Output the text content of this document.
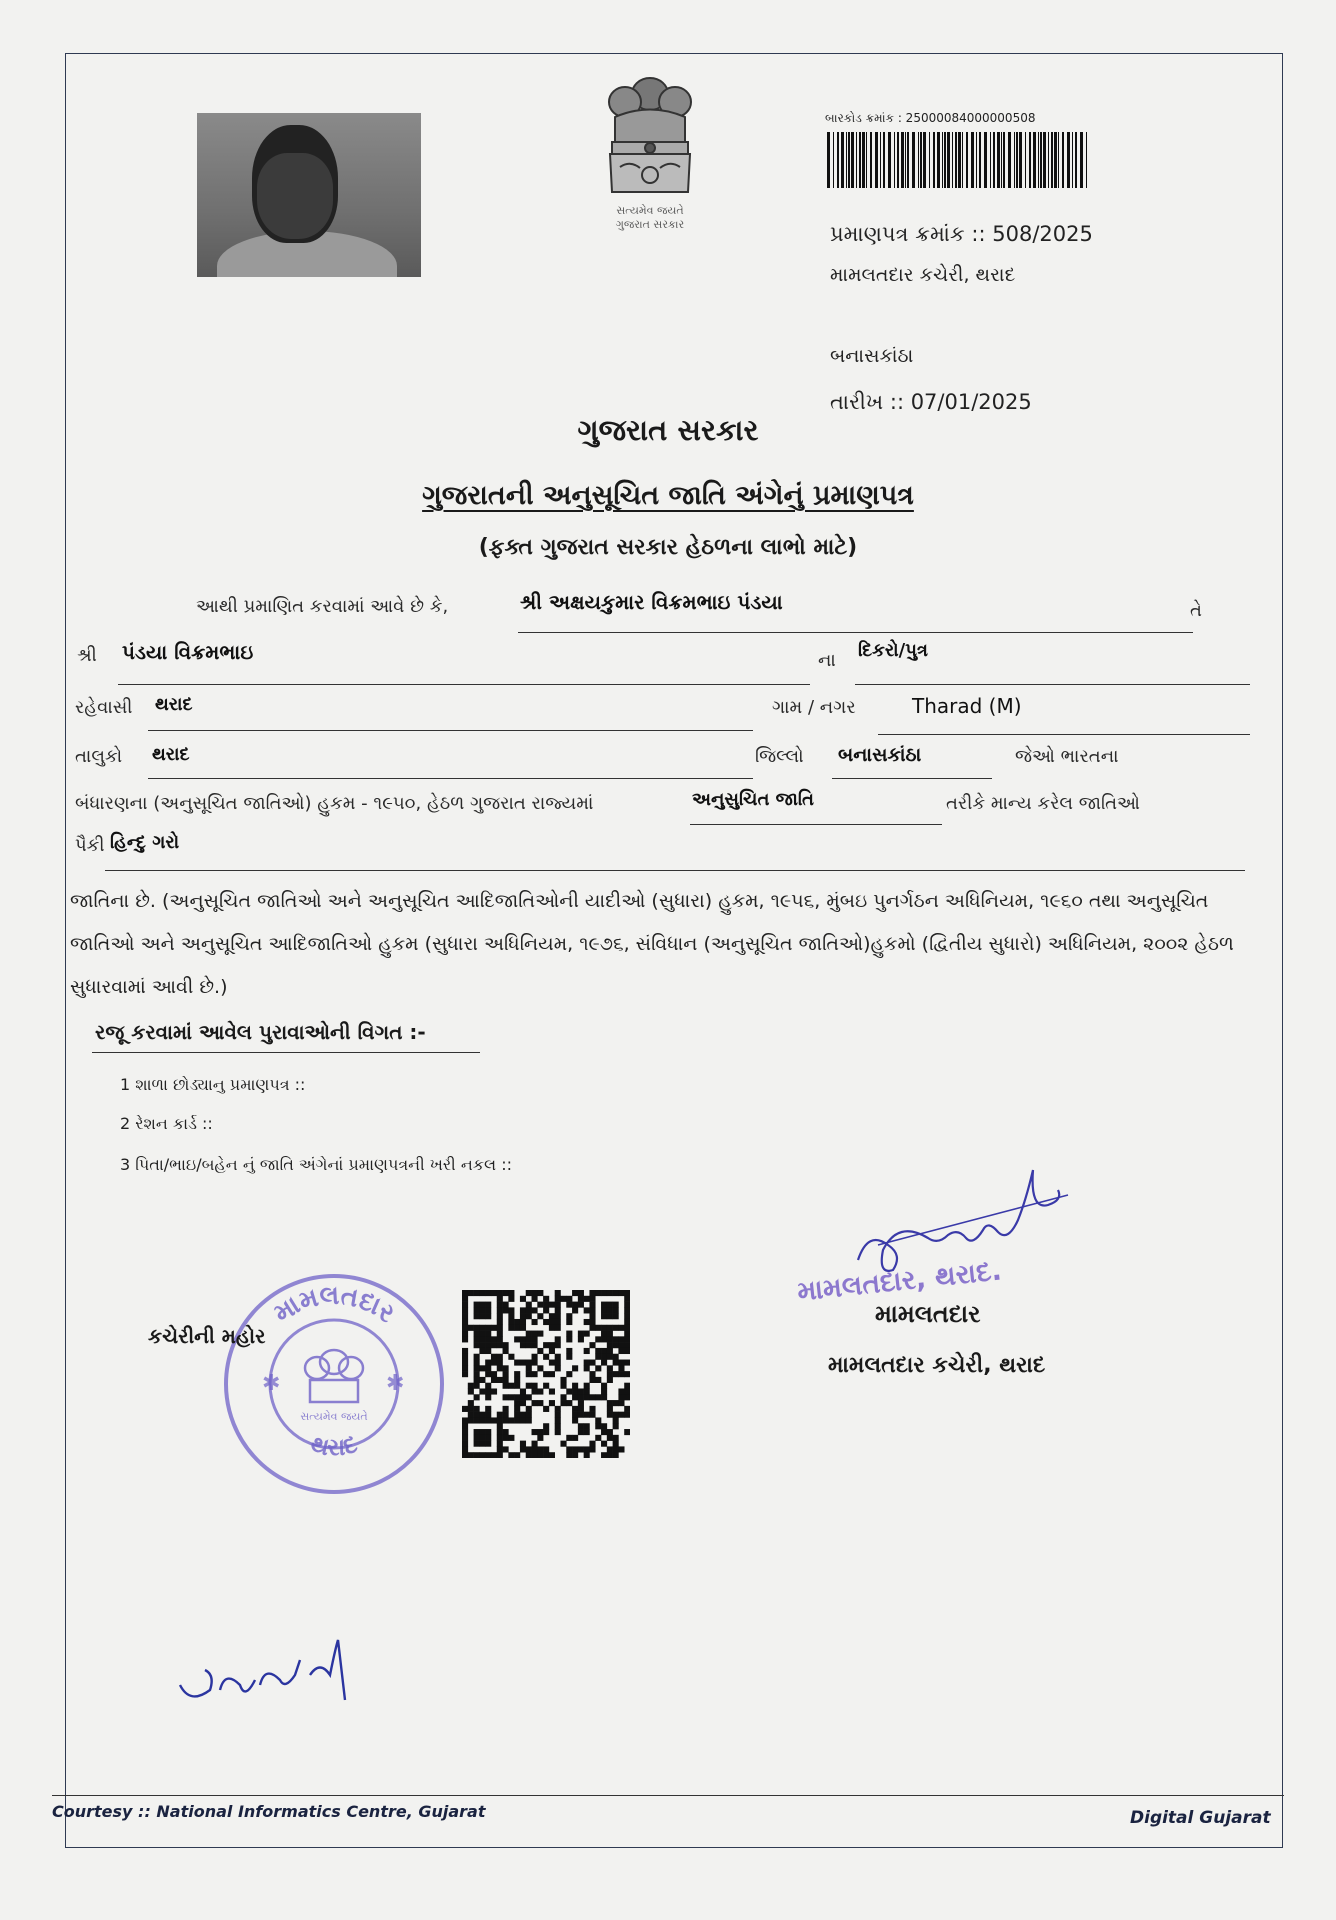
સત્યમેવ જયતે
ગુજરાત સરકાર
બારકોડ ક્રમાંક : 25000084000000508
પ્રમાણપત્ર ક્રમાંક :: 508/2025
મામલતદાર કચેરી, થરાદ
બનાસકાંઠા
તારીખ :: 07/01/2025
ગુજરાત સરકાર
ગુજરાતની અનુસૂચિત જાતિ અંગેનું પ્રમાણપત્ર
(ફક્ત ગુજરાત સરકાર હેઠળના લાભો માટે)
આથી પ્રમાણિત કરવામાં આવે છે કે,	શ્રી અક્ષયકુમાર વિક્રમભાઇ પંડયા	તે
શ્રી પંડયા વિક્રમભાઇ	ના દિકરો/પુત્ર
રહેવાસી થરાદ	ગામ / નગર	Tharad (M)
તાલુકો થરાદ	જિલ્લો બનાસકાંઠા	જેઓ ભારતના
બંધારણના (અનુસૂચિત જાતિઓ) હુકમ - ૧૯૫૦, હેઠળ ગુજરાત રાજ્યમાં	અનુસુચિત જાતિ	તરીકે માન્ય કરેલ જાતિઓ
પૈકી હિન્દુ ગરો
જાતિના છે. (અનુસૂચિત જાતિઓ અને અનુસૂચિત આદિજાતિઓની યાદીઓ (સુધારા) હુકમ, ૧૯૫૬, મુંબઇ પુનર્ગઠન અધિનિયમ, ૧૯૬૦ તથા અનુસૂચિત જાતિઓ અને અનુસૂચિત આદિજાતિઓ હુકમ (સુધારા અધિનિયમ, ૧૯૭૬, સંવિધાન (અનુસૂચિત જાતિઓ)હુકમો (દ્વિતીય સુધારો) અધિનિયમ, ૨૦૦૨ હેઠળ સુધારવામાં આવી છે.)
રજૂ કરવામાં આવેલ પુરાવાઓની વિગત :-
1 શાળા છોડ્યાનુ પ્રમાણપત્ર ::
2 રેશન કાર્ડ ::
3 પિતા/ભાઇ/બહેન નું જાતિ અંગેનાં પ્રમાણપત્રની ખરી નકલ ::
મામલતદાર
થરાદ
સત્યમેવ જયતે
✱	✱
કચેરીની મહોર
મામલતદાર, થરાદ.
મામલતદાર
મામલતદાર કચેરી, થરાદ
Courtesy :: National Informatics Centre, Gujarat	Digital Gujarat
